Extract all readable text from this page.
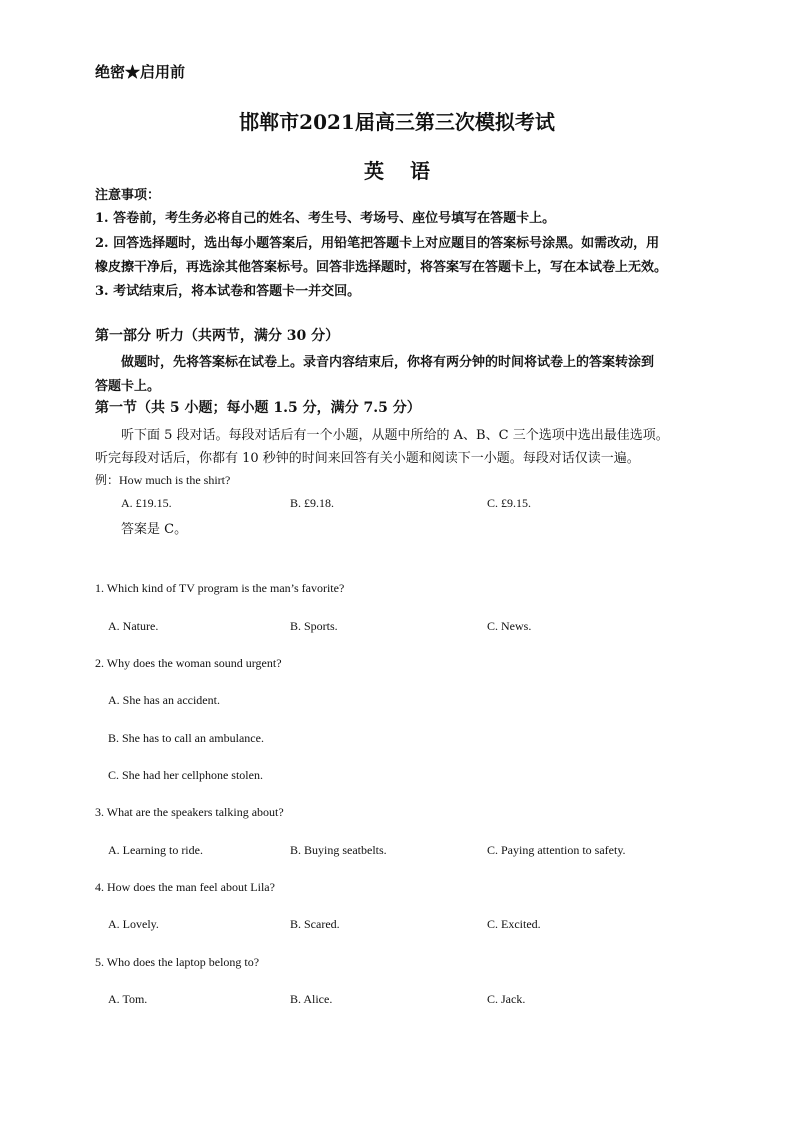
绝密★启用前
邯郸市2021届高三第三次模拟考试
英语
注意事项：
1. 答卷前，考生务必将自己的姓名、考生号、考场号、座位号填写在答题卡上。
2. 回答选择题时，选出每小题答案后，用铅笔把答题卡上对应题目的答案标号涂黑。如需改动，用
橡皮擦干净后，再选涂其他答案标号。回答非选择题时，将答案写在答题卡上，写在本试卷上无效。
3. 考试结束后，将本试卷和答题卡一并交回。
第一部分 听力（共两节，满分 30 分）
做题时，先将答案标在试卷上。录音内容结束后，你将有两分钟的时间将试卷上的答案转涂到
答题卡上。
第一节（共 5 小题；每小题 1.5 分，满分 7.5 分）
听下面 5 段对话。每段对话后有一个小题，从题中所给的 A、B、C 三个选项中选出最佳选项。
听完每段对话后，你都有 10 秒钟的时间来回答有关小题和阅读下一小题。每段对话仅读一遍。
例：How much is the shirt?
A. £19.15.	B. £9.18.	C. £9.15.
答案是 C。
1. Which kind of TV program is the man’s favorite?
A. Nature.	B. Sports.	C. News.
2. Why does the woman sound urgent?
A. She has an accident.
B. She has to call an ambulance.
C. She had her cellphone stolen.
3. What are the speakers talking about?
A. Learning to ride.	B. Buying seatbelts.	C. Paying attention to safety.
4. How does the man feel about Lila?
A. Lovely.	B. Scared.	C. Excited.
5. Who does the laptop belong to?
A. Tom.	B. Alice.	C. Jack.
